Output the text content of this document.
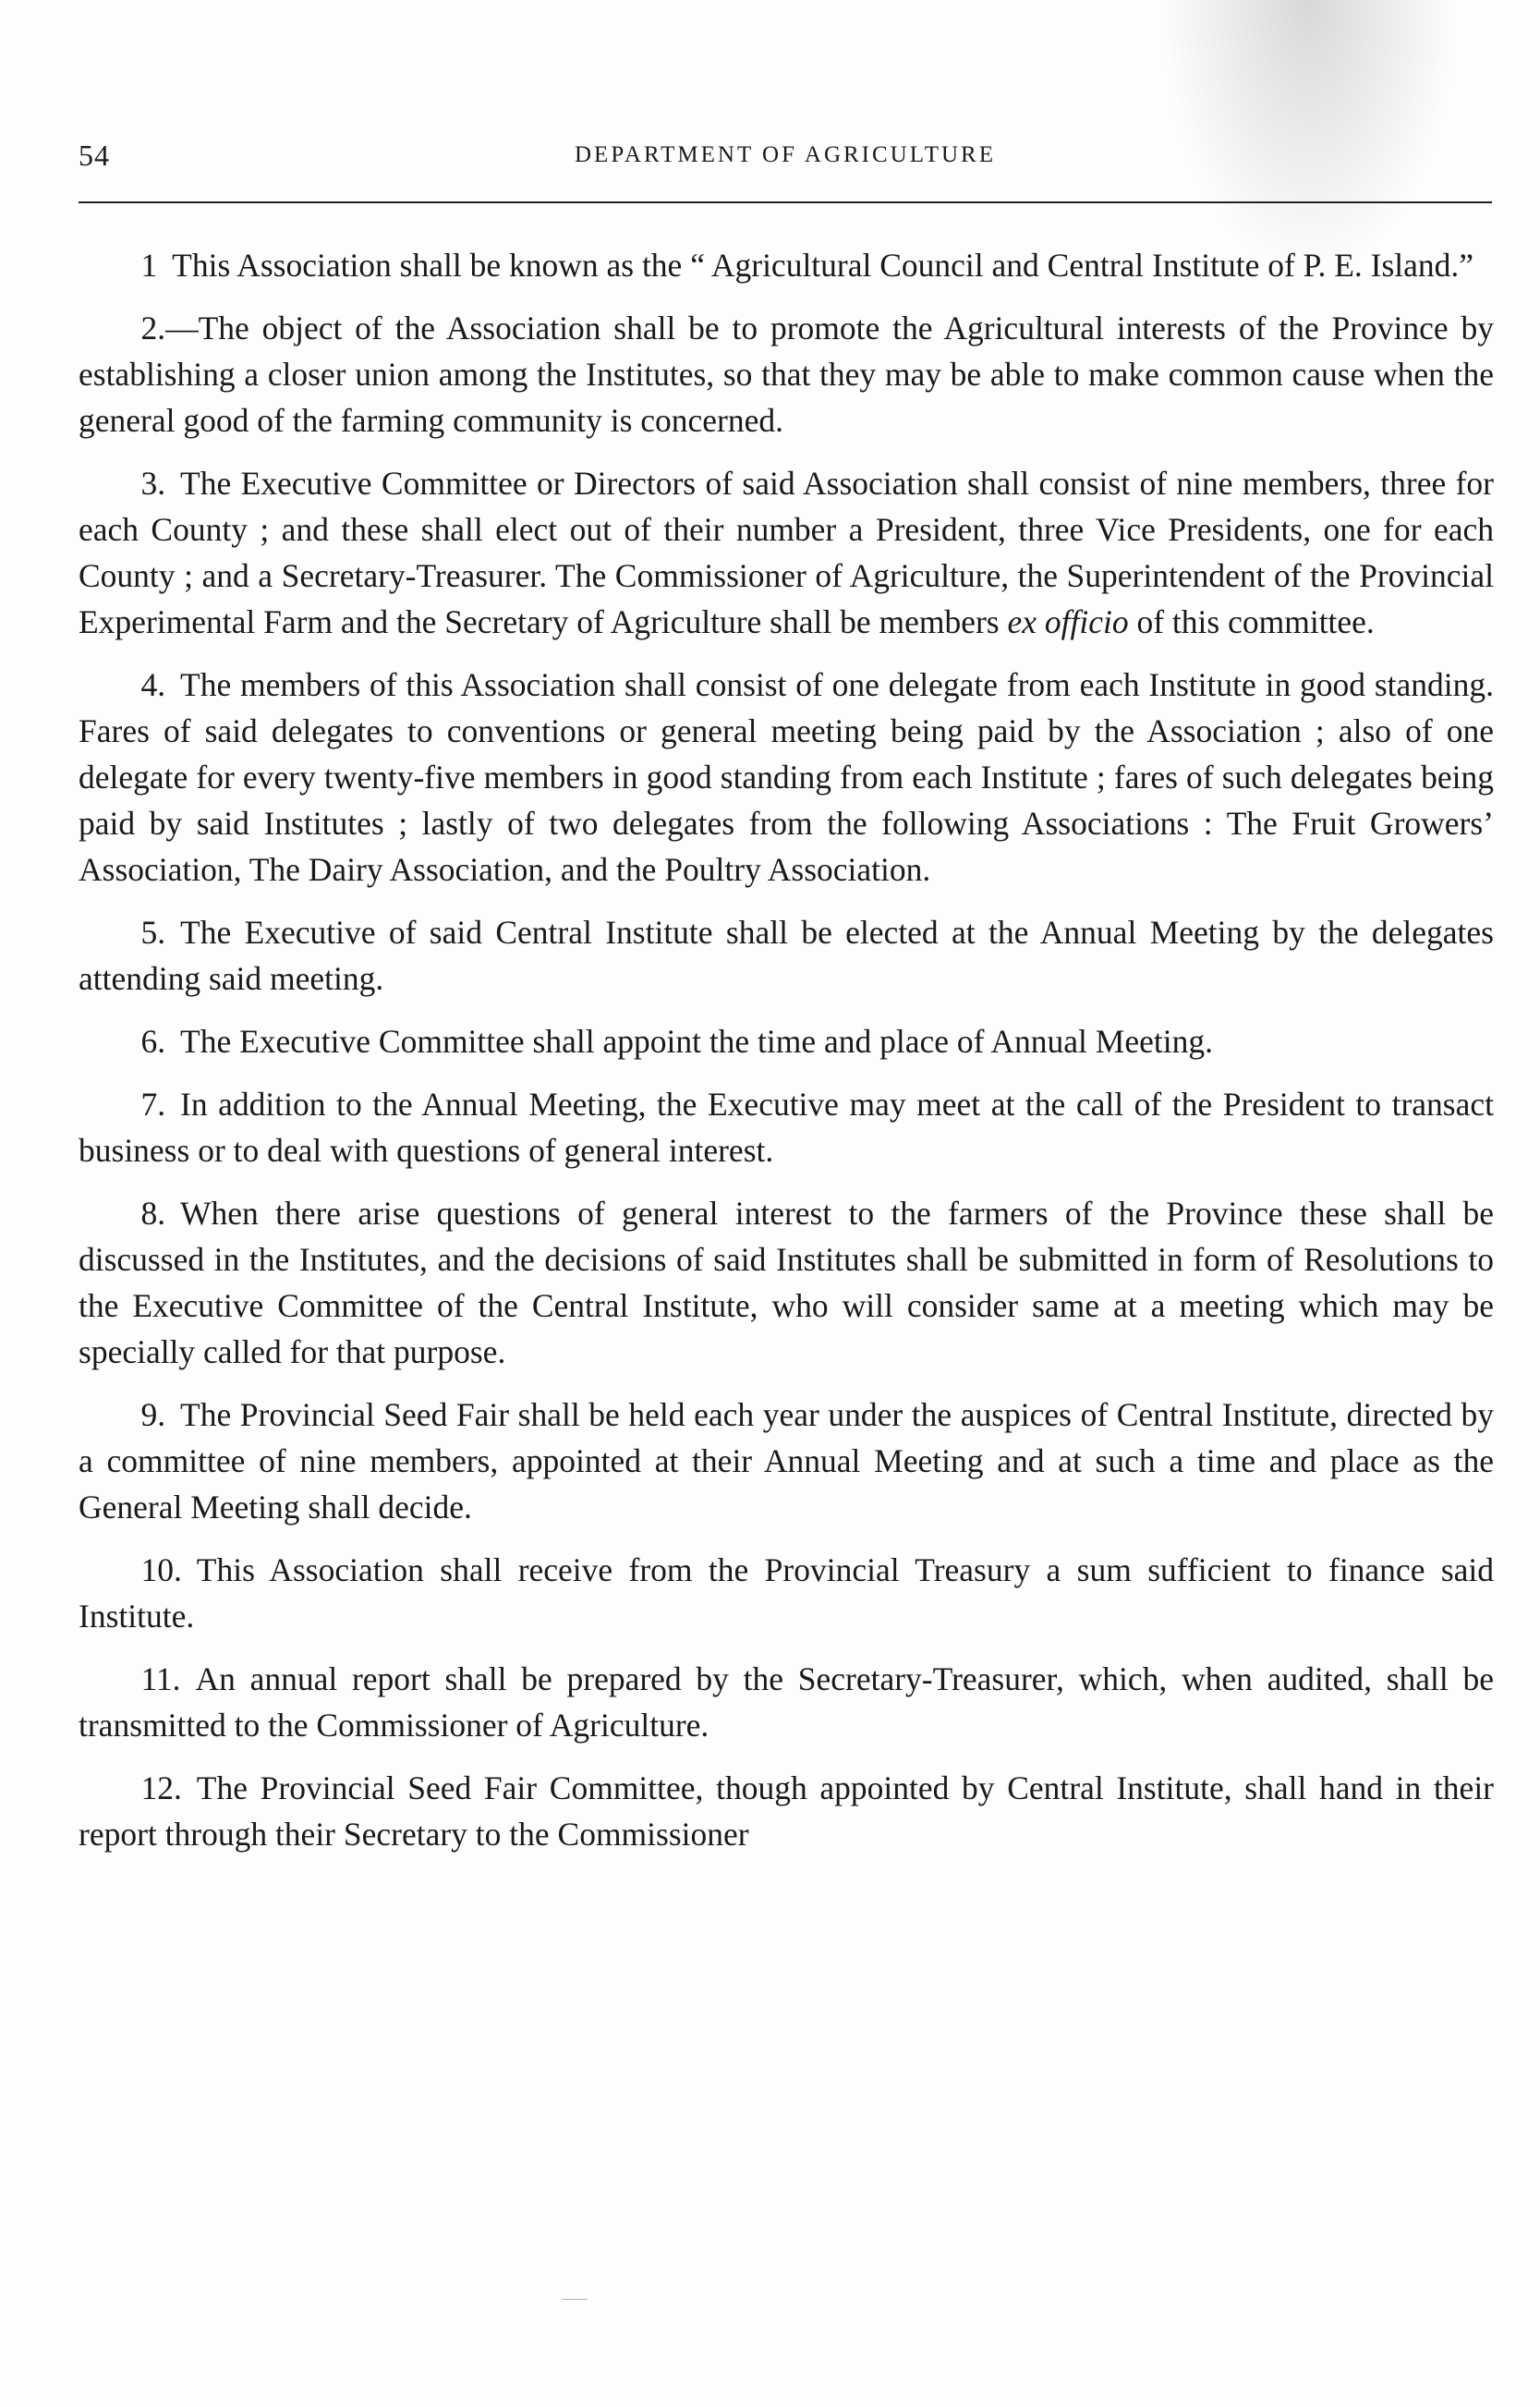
54	DEPARTMENT OF AGRICULTURE

1 This Association shall be known as the “ Agricultural Council and Central Institute of P. E. Island.”

2.—The object of the Association shall be to promote the Agricultural interests of the Province by establishing a closer union among the Institutes, so that they may be able to make common cause when the general good of the farming community is concerned.

3. The Executive Committee or Directors of said Association shall consist of nine members, three for each County ; and these shall elect out of their number a President, three Vice Presidents, one for each County ; and a Secretary-Treasurer. The Commissioner of Agriculture, the Superintendent of the Provincial Experimental Farm and the Secretary of Agriculture shall be members ex officio of this committee.

4. The members of this Association shall consist of one delegate from each Institute in good standing. Fares of said delegates to conventions or general meeting being paid by the Association ; also of one delegate for every twenty-five members in good standing from each Institute ; fares of such delegates being paid by said Institutes ; lastly of two delegates from the following Associations : The Fruit Growers’ Association, The Dairy Association, and the Poultry Association.

5. The Executive of said Central Institute shall be elected at the Annual Meeting by the delegates attending said meeting.

6. The Executive Committee shall appoint the time and place of Annual Meeting.

7. In addition to the Annual Meeting, the Executive may meet at the call of the President to transact business or to deal with questions of general interest.

8. When there arise questions of general interest to the farmers of the Province these shall be discussed in the Institutes, and the decisions of said Institutes shall be submitted in form of Resolutions to the Executive Committee of the Central Institute, who will consider same at a meeting which may be specially called for that purpose.

9. The Provincial Seed Fair shall be held each year under the auspices of Central Institute, directed by a committee of nine members, appointed at their Annual Meeting and at such a time and place as the General Meeting shall decide.

10. This Association shall receive from the Provincial Treasury a sum sufficient to finance said Institute.

11. An annual report shall be prepared by the Secretary-Treasurer, which, when audited, shall be transmitted to the Commissioner of Agriculture.

12. The Provincial Seed Fair Committee, though appointed by Central Institute, shall hand in their report through their Secretary to the Commissioner
